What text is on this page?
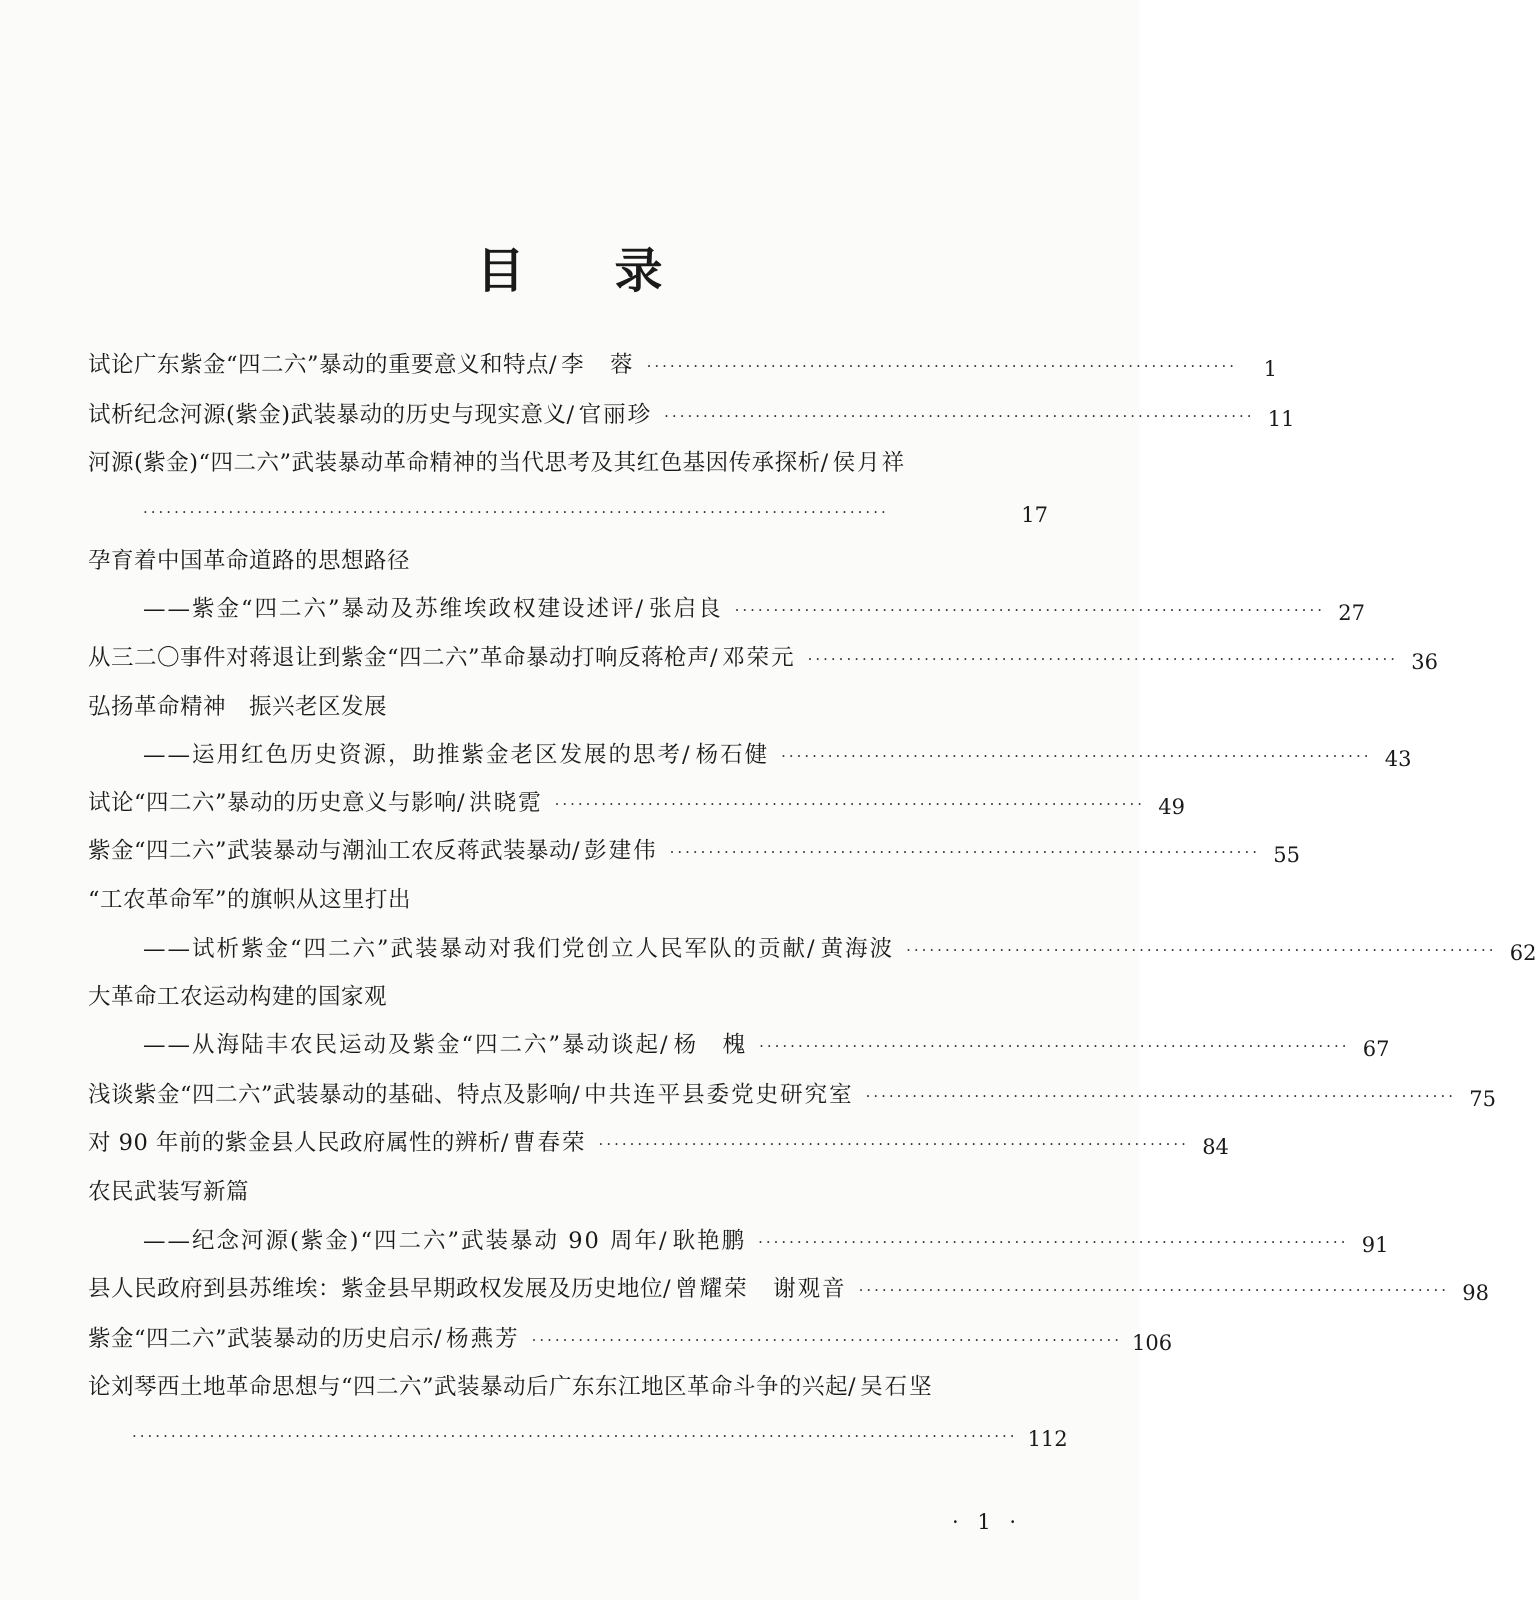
目录
试论广东紫金“四二六”暴动的重要意义和特点/ 李　蓉 ············································································	1
试析纪念河源(紫金)武装暴动的历史与现实意义/ 官丽珍 ············································································ 11
河源(紫金)“四二六”武装暴动革命精神的当代思考及其红色基因传承探析/ 侯月祥
································································································	17
孕育着中国革命道路的思想路径
——紫金“四二六”暴动及苏维埃政权建设述评/ 张启良 ············································································ 27
从三二〇事件对蒋退让到紫金“四二六”革命暴动打响反蒋枪声/ 邓荣元 ············································································ 36
弘扬革命精神　振兴老区发展
——运用红色历史资源，助推紫金老区发展的思考/ 杨石健 ············································································ 43
试论“四二六”暴动的历史意义与影响/ 洪晓霓 ············································································ 49
紫金“四二六”武装暴动与潮汕工农反蒋武装暴动/ 彭建伟 ············································································ 55
“工农革命军”的旗帜从这里打出
——试析紫金“四二六”武装暴动对我们党创立人民军队的贡献/ 黄海波 ············································································ 62
大革命工农运动构建的国家观
——从海陆丰农民运动及紫金“四二六”暴动谈起/ 杨　槐 ············································································ 67
浅谈紫金“四二六”武装暴动的基础、特点及影响/ 中共连平县委党史研究室 ············································································ 75
对 90 年前的紫金县人民政府属性的辨析/ 曹春荣 ············································································ 84
农民武装写新篇
——纪念河源(紫金)“四二六”武装暴动 90 周年/ 耿艳鹏 ············································································ 91
县人民政府到县苏维埃：紫金县早期政权发展及历史地位/ 曾耀荣　谢观音 ············································································ 98
紫金“四二六”武装暴动的历史启示/ 杨燕芳 ············································································ 106
论刘琴西土地革命思想与“四二六”武装暴动后广东东江地区革命斗争的兴起/ 吴石坚
·················································································································· 112
· 1 ·
